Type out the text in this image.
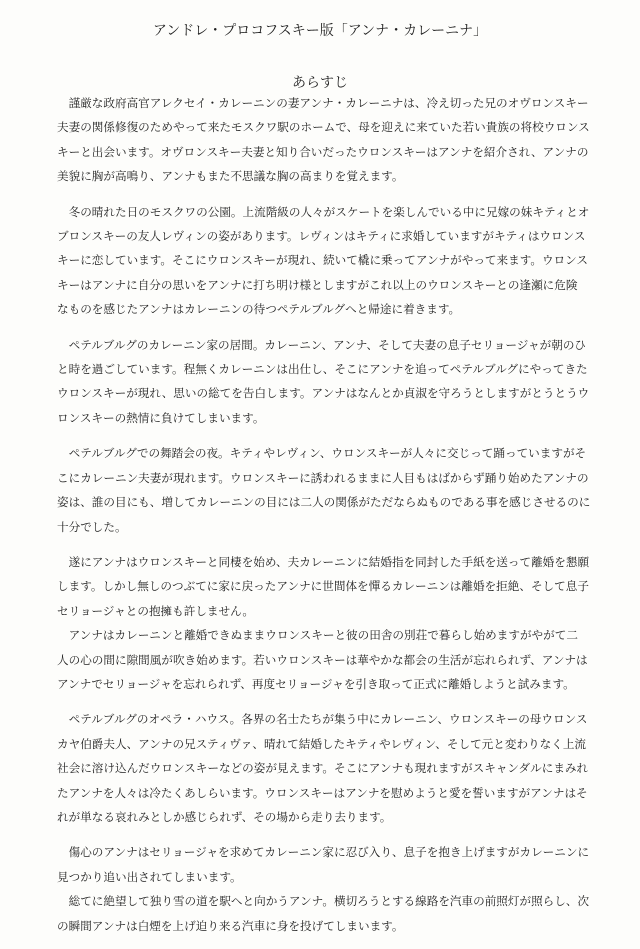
アンドレ・プロコフスキー版「アンナ・カレーニナ」
あらすじ
　謹厳な政府高官アレクセイ・カレーニンの妻アンナ・カレーニナは、冷え切った兄のオヴロンスキー
夫妻の関係修復のためやって来たモスクワ駅のホームで、母を迎えに来ていた若い貴族の将校ウロンス
キーと出会います。オヴロンスキー夫妻と知り合いだったウロンスキーはアンナを紹介され、アンナの
美貌に胸が高鳴り、アンナもまた不思議な胸の高まりを覚えます。
　冬の晴れた日のモスクワの公園。上流階級の人々がスケートを楽しんでいる中に兄嫁の妹キティとオ
ブロンスキーの友人レヴィンの姿があります。レヴィンはキティに求婚していますがキティはウロンス
キーに恋しています。そこにウロンスキーが現れ、続いて橇に乗ってアンナがやって来ます。ウロンス
キーはアンナに自分の思いをアンナに打ち明け様としますがこれ以上のウロンスキーとの逢瀬に危険
なものを感じたアンナはカレーニンの待つペテルブルグへと帰途に着きます。
　ペテルブルグのカレーニン家の居間。カレーニン、アンナ、そして夫妻の息子セリョージャが朝のひ
と時を過ごしています。程無くカレーニンは出仕し、そこにアンナを追ってペテルブルグにやってきた
ウロンスキーが現れ、思いの総てを告白します。アンナはなんとか貞淑を守ろうとしますがとうとうウ
ロンスキーの熱情に負けてしまいます。
　ペテルブルグでの舞踏会の夜。キティやレヴィン、ウロンスキーが人々に交じって踊っていますがそ
こにカレーニン夫妻が現れます。ウロンスキーに誘われるままに人目もはばからず踊り始めたアンナの
姿は、誰の目にも、増してカレーニンの目には二人の関係がただならぬものである事を感じさせるのに
十分でした。
　遂にアンナはウロンスキーと同棲を始め、夫カレーニンに結婚指を同封した手紙を送って離婚を懇願
します。しかし無しのつぶてに家に戻ったアンナに世間体を憚るカレーニンは離婚を拒絶、そして息子
セリョージャとの抱擁も許しません。
　アンナはカレーニンと離婚できぬままウロンスキーと彼の田舎の別荘で暮らし始めますがやがて二
人の心の間に隙間風が吹き始めます。若いウロンスキーは華やかな都会の生活が忘れられず、アンナは
アンナでセリョージャを忘れられず、再度セリョージャを引き取って正式に離婚しようと試みます。
　ペテルブルグのオペラ・ハウス。各界の名士たちが集う中にカレーニン、ウロンスキーの母ウロンス
カヤ伯爵夫人、アンナの兄スティヴァ、晴れて結婚したキティやレヴィン、そして元と変わりなく上流
社会に溶け込んだウロンスキーなどの姿が見えます。そこにアンナも現れますがスキャンダルにまみれ
たアンナを人々は冷たくあしらいます。ウロンスキーはアンナを慰めようと愛を誓いますがアンナはそ
れが単なる哀れみとしか感じられず、その場から走り去ります。
　傷心のアンナはセリョージャを求めてカレーニン家に忍び入り、息子を抱き上げますがカレーニンに
見つかり追い出されてしまいます。
　総てに絶望して独り雪の道を駅へと向かうアンナ。横切ろうとする線路を汽車の前照灯が照らし、次
の瞬間アンナは白煙を上げ迫り来る汽車に身を投げてしまいます。
